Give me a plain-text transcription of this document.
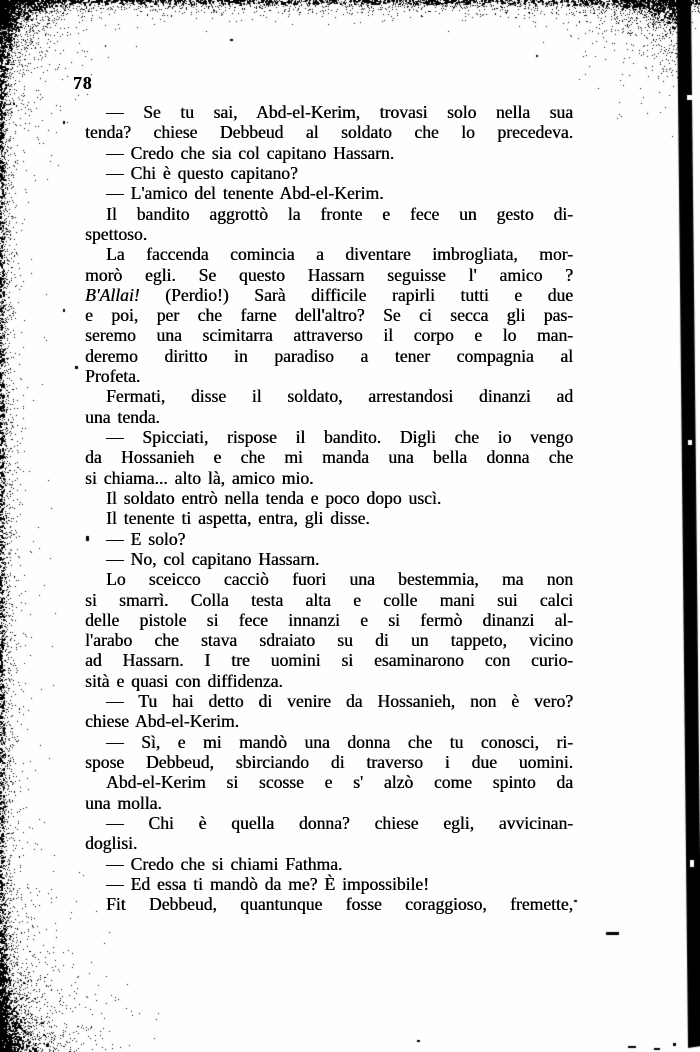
78
— Se tu sai, Abd-el-Kerim, trovasi solo nella sua
tenda? chiese Debbeud al soldato che lo precedeva.
— Credo che sia col capitano Hassarn.
— Chi è questo capitano?
— L'amico del tenente Abd-el-Kerim.
Il bandito aggrottò la fronte e fece un gesto di-
spettoso.
La faccenda comincia a diventare imbrogliata, mor-
morò egli. Se questo Hassarn seguisse l' amico ?
B'Allai! (Perdio!) Sarà difficile rapirli tutti e due
e poi, per che farne dell'altro? Se ci secca gli pas-
seremo una scimitarra attraverso il corpo e lo man-
deremo diritto in paradiso a tener compagnia al
Profeta.
Fermati, disse il soldato, arrestandosi dinanzi ad
una tenda.
— Spicciati, rispose il bandito. Digli che io vengo
da Hossanieh e che mi manda una bella donna che
si chiama... alto là, amico mio.
Il soldato entrò nella tenda e poco dopo uscì.
Il tenente ti aspetta, entra, gli disse.
— E solo?
— No, col capitano Hassarn.
Lo sceicco cacciò fuori una bestemmia, ma non
si smarrì. Colla testa alta e colle mani sui calci
delle pistole si fece innanzi e si fermò dinanzi al-
l'arabo che stava sdraiato su di un tappeto, vicino
ad Hassarn. I tre uomini si esaminarono con curio-
sità e quasi con diffidenza.
— Tu hai detto di venire da Hossanieh, non è vero?
chiese Abd-el-Kerim.
— Sì, e mi mandò una donna che tu conosci, ri-
spose Debbeud, sbirciando di traverso i due uomini.
Abd-el-Kerim si scosse e s' alzò come spinto da
una molla.
— Chi è quella donna? chiese egli, avvicinan-
doglisi.
— Credo che si chiami Fathma.
— Ed essa ti mandò da me? È impossibile!
Fit Debbeud, quantunque fosse coraggioso, fremette,
